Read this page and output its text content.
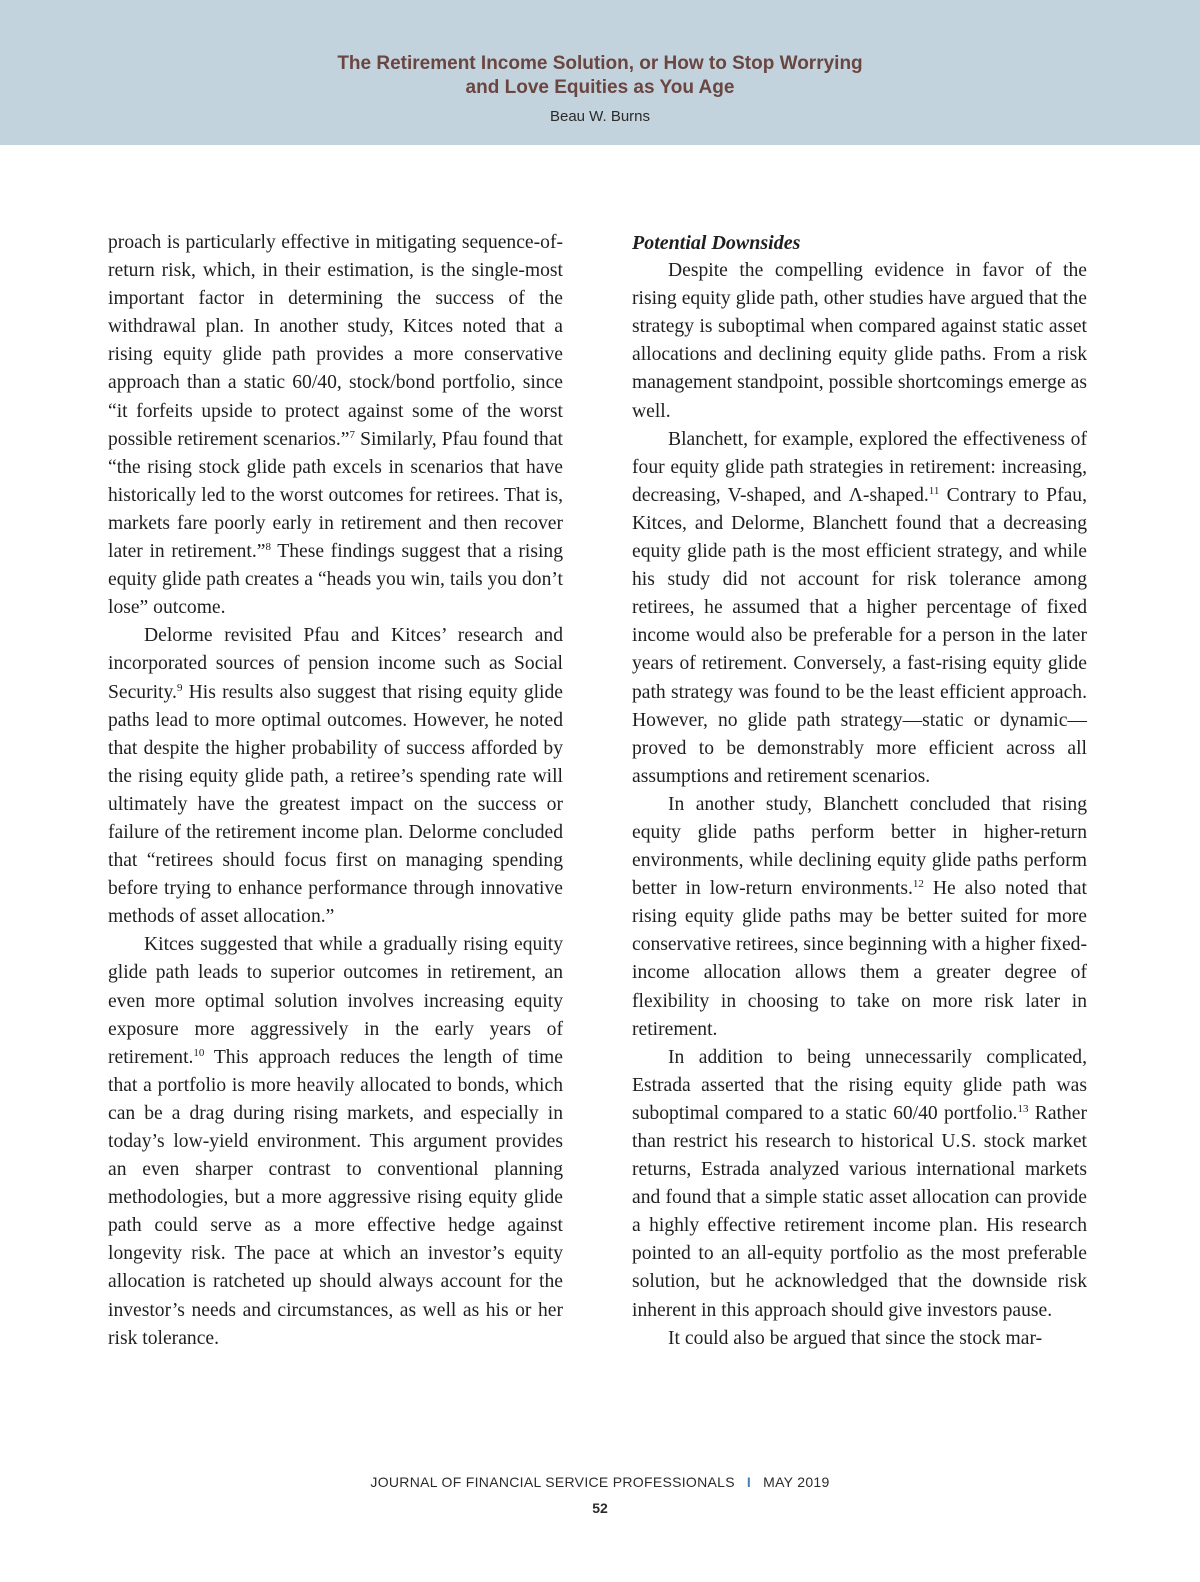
The Retirement Income Solution, or How to Stop Worrying
and Love Equities as You Age
Beau W. Burns

proach is particularly effective in mitigating sequence-of-return risk, which, in their estimation, is the single-most important factor in determining the success of the withdrawal plan. In another study, Kitces noted that a rising equity glide path provides a more conservative approach than a static 60/40, stock/bond portfolio, since “it forfeits upside to protect against some of the worst possible retirement scenarios.”$^7$ Similarly, Pfau found that “the rising stock glide path excels in scenarios that have historically led to the worst outcomes for retirees. That is, markets fare poorly early in retirement and then recover later in retirement.”$^8$ These findings suggest that a rising equity glide path creates a “heads you win, tails you don’t lose” outcome.

Delorme revisited Pfau and Kitces’ research and incorporated sources of pension income such as Social Security.$^9$ His results also suggest that rising equity glide paths lead to more optimal outcomes. However, he noted that despite the higher probability of success afforded by the rising equity glide path, a retiree’s spending rate will ultimately have the greatest impact on the success or failure of the retirement income plan. Delorme concluded that “retirees should focus first on managing spending before trying to enhance performance through innovative methods of asset allocation.”

Kitces suggested that while a gradually rising equity glide path leads to superior outcomes in retirement, an even more optimal solution involves increasing equity exposure more aggressively in the early years of retirement.$^{10}$ This approach reduces the length of time that a portfolio is more heavily allocated to bonds, which can be a drag during rising markets, and especially in today’s low-yield environment. This argument provides an even sharper contrast to conventional planning methodologies, but a more aggressive rising equity glide path could serve as a more effective hedge against longevity risk. The pace at which an investor’s equity allocation is ratcheted up should always account for the investor’s needs and circumstances, as well as his or her risk tolerance.

Potential Downsides

Despite the compelling evidence in favor of the rising equity glide path, other studies have argued that the strategy is suboptimal when compared against static asset allocations and declining equity glide paths. From a risk management standpoint, possible shortcomings emerge as well.

Blanchett, for example, explored the effectiveness of four equity glide path strategies in retirement: increasing, decreasing, V-shaped, and Λ-shaped.$^{11}$ Contrary to Pfau, Kitces, and Delorme, Blanchett found that a decreasing equity glide path is the most efficient strategy, and while his study did not account for risk tolerance among retirees, he assumed that a higher percentage of fixed income would also be preferable for a person in the later years of retirement. Conversely, a fast-rising equity glide path strategy was found to be the least efficient approach. However, no glide path strategy—static or dynamic—proved to be demonstrably more efficient across all assumptions and retirement scenarios.

In another study, Blanchett concluded that rising equity glide paths perform better in higher-return environments, while declining equity glide paths perform better in low-return environments.$^{12}$ He also noted that rising equity glide paths may be better suited for more conservative retirees, since beginning with a higher fixed-income allocation allows them a greater degree of flexibility in choosing to take on more risk later in retirement.

In addition to being unnecessarily complicated, Estrada asserted that the rising equity glide path was suboptimal compared to a static 60/40 portfolio.$^{13}$ Rather than restrict his research to historical U.S. stock market returns, Estrada analyzed various international markets and found that a simple static asset allocation can provide a highly effective retirement income plan. His research pointed to an all-equity portfolio as the most preferable solution, but he acknowledged that the downside risk inherent in this approach should give investors pause.

It could also be argued that since the stock mar-

JOURNAL OF FINANCIAL SERVICE PROFESSIONALS I MAY 2019
52
